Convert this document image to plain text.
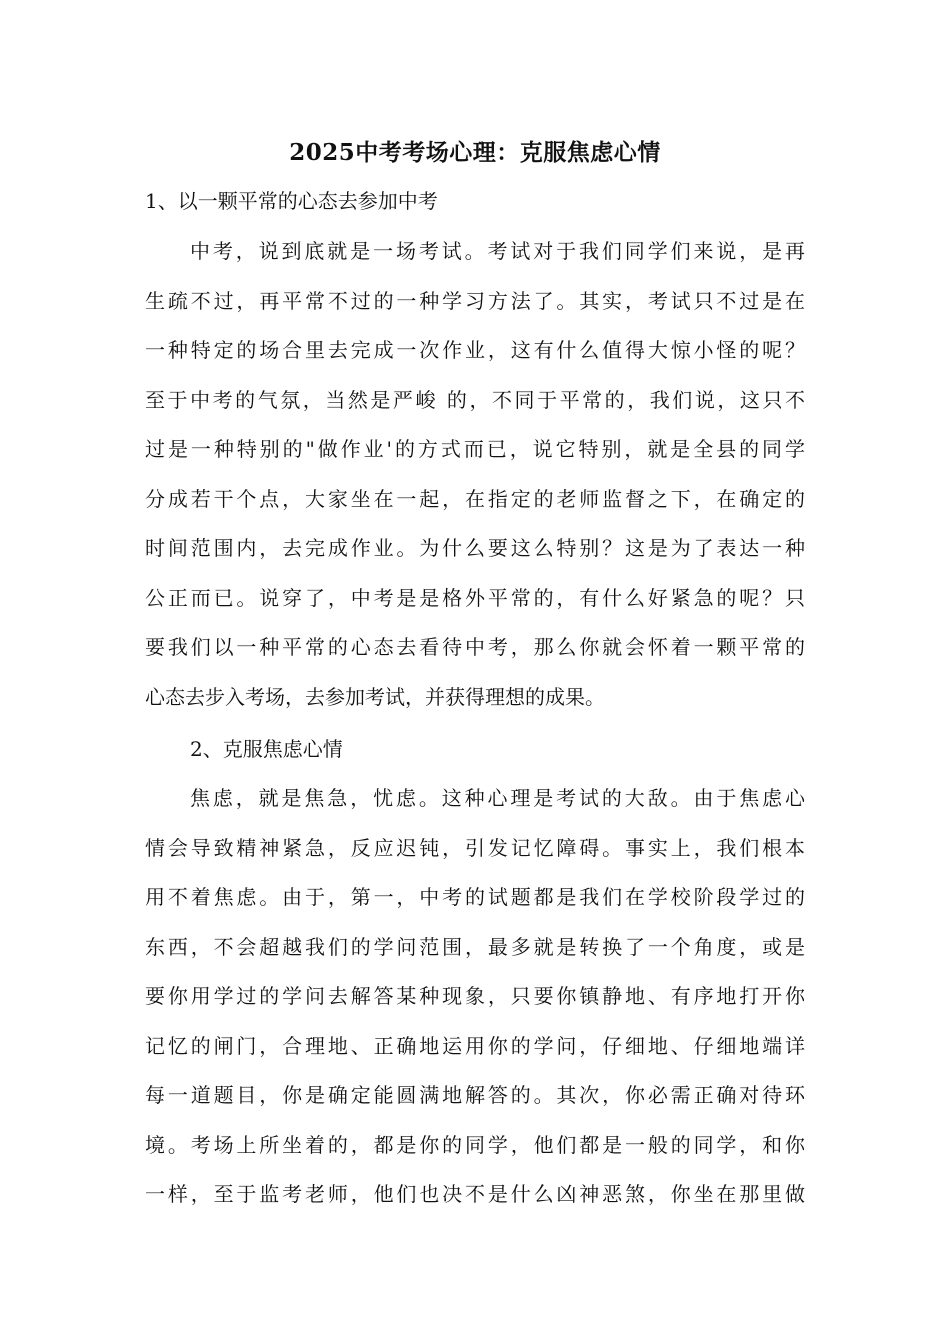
2025中考考场心理：克服焦虑心情

1、以一颗平常的心态去参加中考

中考，说到底就是一场考试。考试对于我们同学们来说，是再
生疏不过，再平常不过的一种学习方法了。其实，考试只不过是在
一种特定的场合里去完成一次作业，这有什么值得大惊小怪的呢？
至于中考的气氛，当然是严峻 的，不同于平常的，我们说，这只不
过是一种特别的"做作业'的方式而已，说它特别，就是全县的同学
分成若干个点，大家坐在一起，在指定的老师监督之下，在确定的
时间范围内，去完成作业。为什么要这么特别？这是为了表达一种
公正而已。说穿了，中考是是格外平常的，有什么好紧急的呢？只
要我们以一种平常的心态去看待中考，那么你就会怀着一颗平常的
心态去步入考场，去参加考试，并获得理想的成果。

2、克服焦虑心情

焦虑，就是焦急，忧虑。这种心理是考试的大敌。由于焦虑心
情会导致精神紧急，反应迟钝，引发记忆障碍。事实上，我们根本
用不着焦虑。由于，第一，中考的试题都是我们在学校阶段学过的
东西，不会超越我们的学问范围，最多就是转换了一个角度，或是
要你用学过的学问去解答某种现象，只要你镇静地、有序地打开你
记忆的闸门，合理地、正确地运用你的学问，仔细地、仔细地端详
每一道题目，你是确定能圆满地解答的。其次，你必需正确对待环
境。考场上所坐着的，都是你的同学，他们都是一般的同学，和你
一样，至于监考老师，他们也决不是什么凶神恶煞，你坐在那里做
